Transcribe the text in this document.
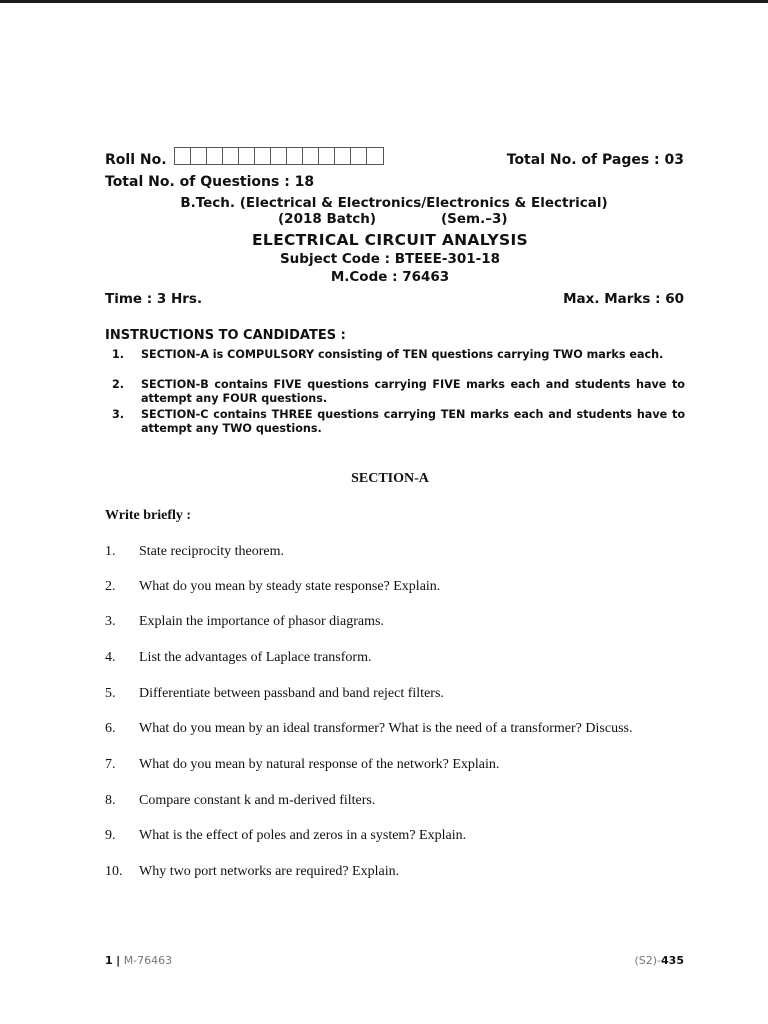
Roll No.	Total No. of Pages : 03
Total No. of Questions : 18
B.Tech. (Electrical & Electronics/Electronics & Electrical)
(2018 Batch)	(Sem.–3)
ELECTRICAL CIRCUIT ANALYSIS
Subject Code : BTEEE-301-18
M.Code : 76463
Time : 3 Hrs.	Max. Marks : 60
INSTRUCTIONS TO CANDIDATES :
1. SECTION-A is COMPULSORY consisting of TEN questions carrying TWO marks each.
2. SECTION-B contains FIVE questions carrying FIVE marks each and students have to attempt any FOUR questions.
3. SECTION-C contains THREE questions carrying TEN marks each and students have to attempt any TWO questions.
SECTION-A
Write briefly :
1. State reciprocity theorem.
2. What do you mean by steady state response? Explain.
3. Explain the importance of phasor diagrams.
4. List the advantages of Laplace transform.
5. Differentiate between passband and band reject filters.
6. What do you mean by an ideal transformer? What is the need of a transformer? Discuss.
7. What do you mean by natural response of the network? Explain.
8. Compare constant k and m-derived filters.
9. What is the effect of poles and zeros in a system? Explain.
10. Why two port networks are required? Explain.
1 | M-76463	(S2)-435
